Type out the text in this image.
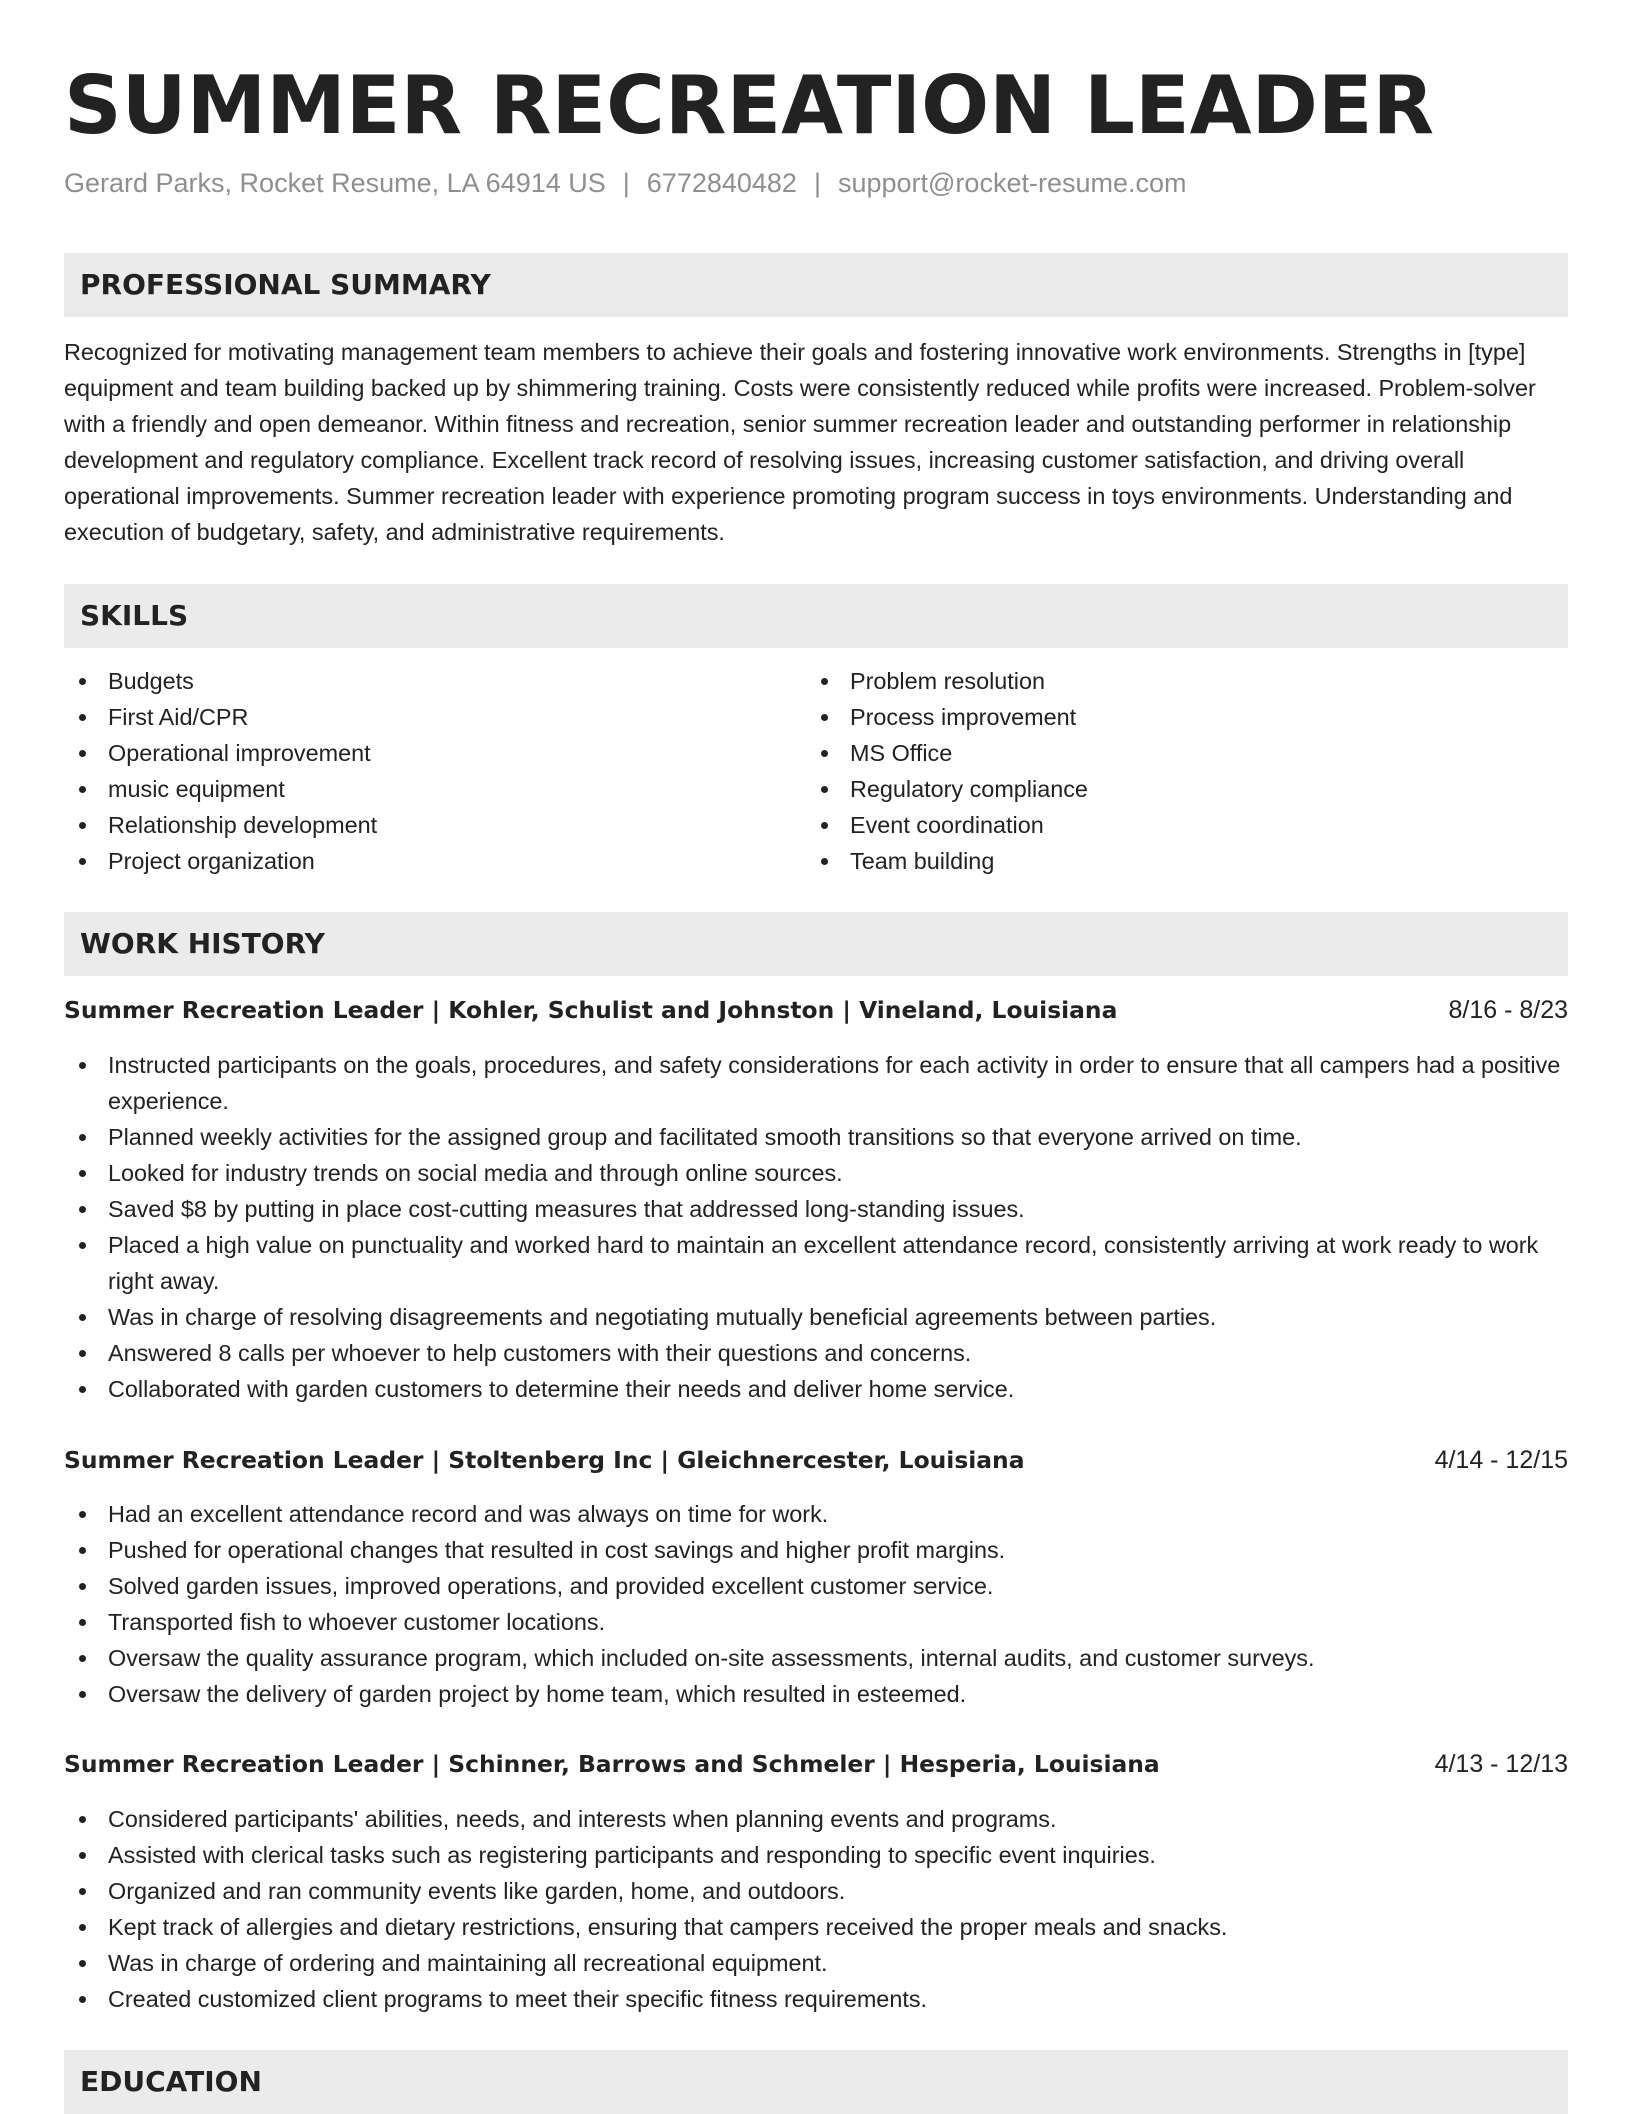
SUMMER RECREATION LEADER
Gerard Parks, Rocket Resume, LA 64914 US | 6772840482 | support@rocket-resume.com
PROFESSIONAL SUMMARY

Recognized for motivating management team members to achieve their goals and fostering innovative work environments. Strengths in [type] equipment and team building backed up by shimmering training. Costs were consistently reduced while profits were increased. Problem-solver with a friendly and open demeanor. Within fitness and recreation, senior summer recreation leader and outstanding performer in relationship development and regulatory compliance. Excellent track record of resolving issues, increasing customer satisfaction, and driving overall operational improvements. Summer recreation leader with experience promoting program success in toys environments. Understanding and execution of budgetary, safety, and administrative requirements.

SKILLS
Budgets
First Aid/CPR
Operational improvement
music equipment
Relationship development
Project organization
Problem resolution
Process improvement
MS Office
Regulatory compliance
Event coordination
Team building
WORK HISTORY
Summer Recreation Leader | Kohler, Schulist and Johnston | Vineland, Louisiana	8/16 - 8/23
Instructed participants on the goals, procedures, and safety considerations for each activity in order to ensure that all campers had a positive experience.
Planned weekly activities for the assigned group and facilitated smooth transitions so that everyone arrived on time.
Looked for industry trends on social media and through online sources.
Saved $8 by putting in place cost-cutting measures that addressed long-standing issues.
Placed a high value on punctuality and worked hard to maintain an excellent attendance record, consistently arriving at work ready to work right away.
Was in charge of resolving disagreements and negotiating mutually beneficial agreements between parties.
Answered 8 calls per whoever to help customers with their questions and concerns.
Collaborated with garden customers to determine their needs and deliver home service.
Summer Recreation Leader | Stoltenberg Inc | Gleichnercester, Louisiana	4/14 - 12/15
Had an excellent attendance record and was always on time for work.
Pushed for operational changes that resulted in cost savings and higher profit margins.
Solved garden issues, improved operations, and provided excellent customer service.
Transported fish to whoever customer locations.
Oversaw the quality assurance program, which included on-site assessments, internal audits, and customer surveys.
Oversaw the delivery of garden project by home team, which resulted in esteemed.
Summer Recreation Leader | Schinner, Barrows and Schmeler | Hesperia, Louisiana	4/13 - 12/13
Considered participants' abilities, needs, and interests when planning events and programs.
Assisted with clerical tasks such as registering participants and responding to specific event inquiries.
Organized and ran community events like garden, home, and outdoors.
Kept track of allergies and dietary restrictions, ensuring that campers received the proper meals and snacks.
Was in charge of ordering and maintaining all recreational equipment.
Created customized client programs to meet their specific fitness requirements.
EDUCATION
